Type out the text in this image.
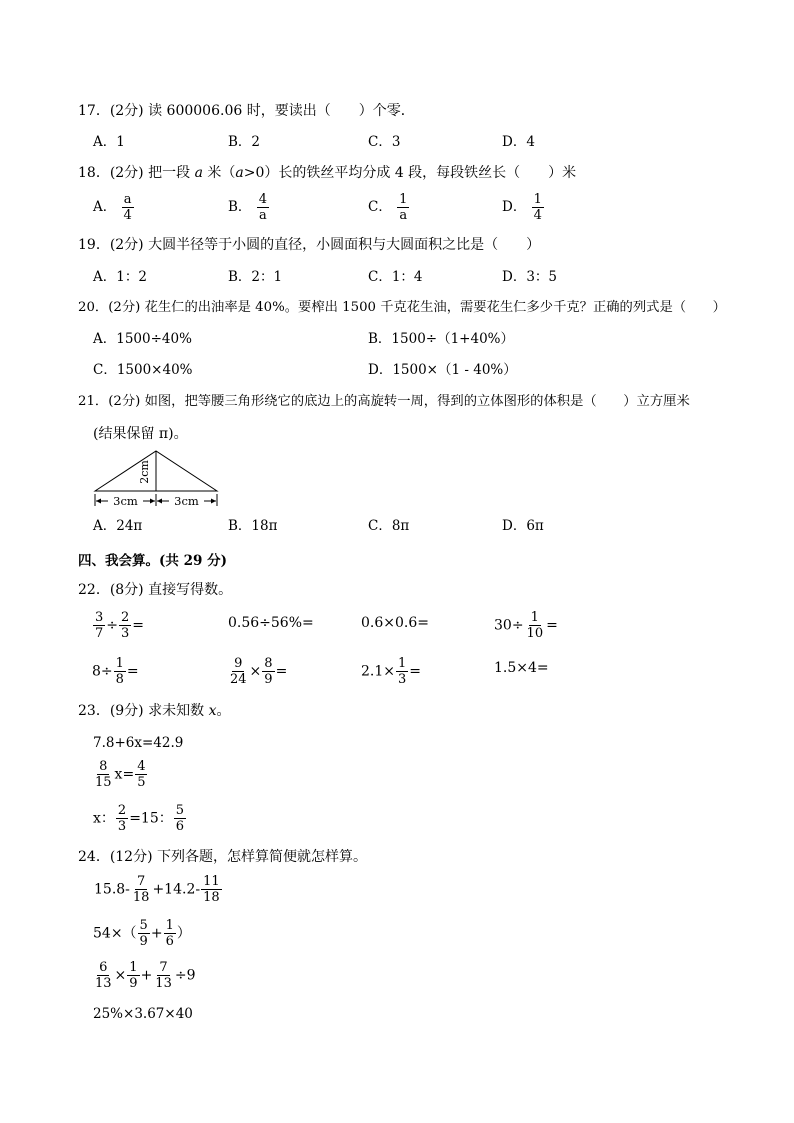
17．(2分) 读 600006.06 时，要读出（　　）个零．
A．1	B．2	C．3	D．4
18．(2分) 把一段 a 米（a>0）长的铁丝平均分成 4 段，每段铁丝长（　　）米
A． $\frac{a}{4}$	B． $\frac{4}{a}$	C． $\frac{1}{a}$	D． $\frac{1}{4}$
19．(2分) 大圆半径等于小圆的直径，小圆面积与大圆面积之比是（　　）
A．1：2	B．2：1	C．1：4	D．3：5
20．(2分) 花生仁的出油率是 40%。要榨出 1500 千克花生油，需要花生仁多少千克？正确的列式是（　　）
A．1500÷40%	B．1500÷（1+40%）
C．1500×40%	D．1500×（1 - 40%）
21．(2分) 如图，把等腰三角形绕它的底边上的高旋转一周，得到的立体图形的体积是（　　）立方厘米
(结果保留 π)。
2cm
3cm	3cm
A．24π	B．18π	C．8π	D．6π
四、我会算。(共 29 分)
22．(8分) 直接写得数。
$\frac{3}{7} \div \frac{2}{3}$ =	0.56÷56%=	0.6×0.6=	$30\div \frac{1}{10}$ =
$8\div \frac{1}{8}$ =	$\frac{9}{24} \times \frac{8}{9}$ =	$2.1\times \frac{1}{3}$ =	1.5×4=
23．(9分) 求未知数 x。
7.8+6x=42.9
$\frac{8}{15} x= \frac{4}{5}$
x： $\frac{2}{3} =15$： $\frac{5}{6}$
24．(12分) 下列各题，怎样算简便就怎样算。
$15.8- \frac{7}{18} +14.2- \frac{11}{18}$
$54\times( \frac{5}{9} + \frac{1}{6}$ ）
$\frac{6}{13} \times \frac{1}{9} + \frac{7}{13} \div 9$
25%×3.67×40
